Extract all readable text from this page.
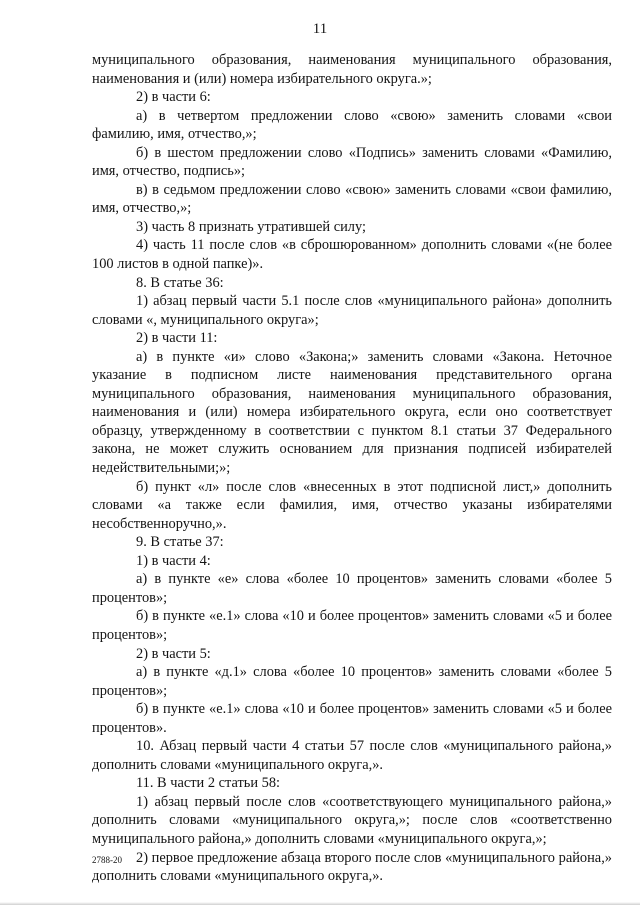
11

муниципального образования, наименования муниципального образования, наименования и (или) номера избирательного округа.»;

2) в части 6:

а) в четвертом предложении слово «свою» заменить словами «свои фамилию, имя, отчество,»;

б) в шестом предложении слово «Подпись» заменить словами «Фамилию, имя, отчество, подпись»;

в) в седьмом предложении слово «свою» заменить словами «свои фамилию, имя, отчество,»;

3) часть 8 признать утратившей силу;

4) часть 11 после слов «в сброшюрованном» дополнить словами «(не более 100 листов в одной папке)».

8. В статье 36:

1) абзац первый части 5.1 после слов «муниципального района» дополнить словами «, муниципального округа»;

2) в части 11:

а) в пункте «и» слово «Закона;» заменить словами «Закона. Неточное указание в подписном листе наименования представительного органа муниципального образования, наименования муниципального образования, наименования и (или) номера избирательного округа, если оно соответствует образцу, утвержденному в соответствии с пунктом 8.1 статьи 37 Федерального закона, не может служить основанием для признания подписей избирателей недействительными;»;

б) пункт «л» после слов «внесенных в этот подписной лист,» дополнить словами «а также если фамилия, имя, отчество указаны избирателями несобственноручно,».

9. В статье 37:

1) в части 4:

а) в пункте «е» слова «более 10 процентов» заменить словами «более 5 процентов»;

б) в пункте «е.1» слова «10 и более процентов» заменить словами «5 и более процентов»;

2) в части 5:

а) в пункте «д.1» слова «более 10 процентов» заменить словами «более 5 процентов»;

б) в пункте «е.1» слова «10 и более процентов» заменить словами «5 и более процентов».

10. Абзац первый части 4 статьи 57 после слов «муниципального района,» дополнить словами «муниципального округа,».

11. В части 2 статьи 58:

1) абзац первый после слов «соответствующего муниципального района,» дополнить словами «муниципального округа,»; после слов «соответственно муниципального района,» дополнить словами «муниципального округа,»;

2) первое предложение абзаца второго после слов «муниципального района,» дополнить словами «муниципального округа,».

2788-20
